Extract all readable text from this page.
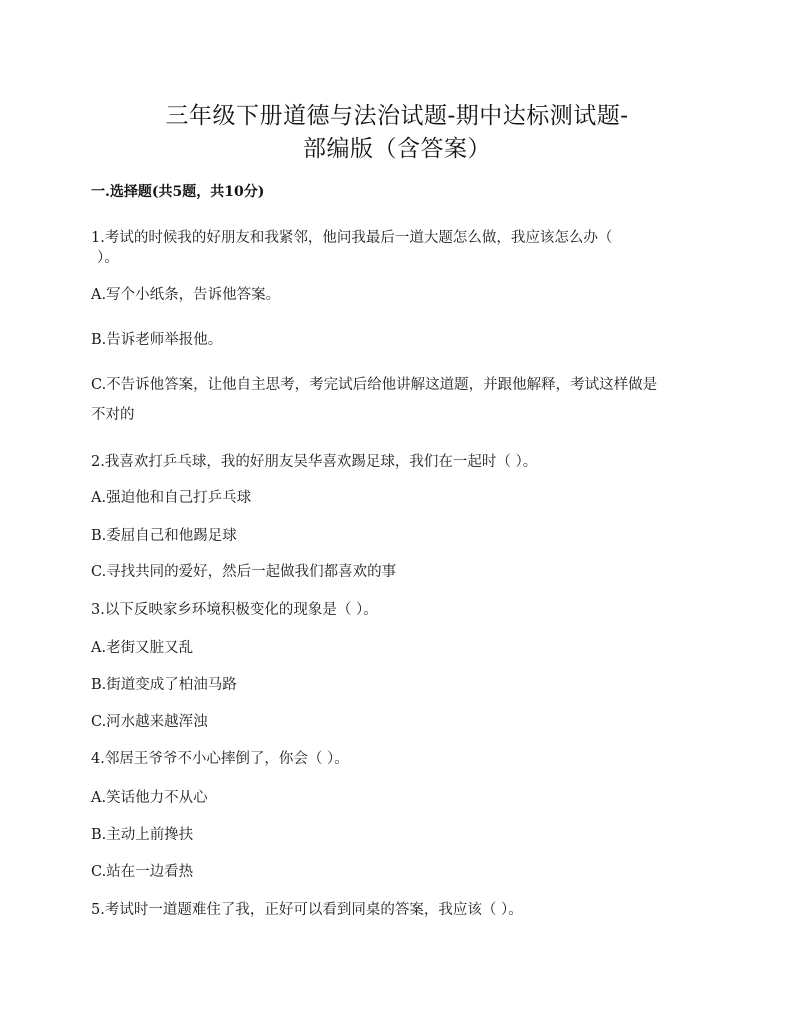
三年级下册道德与法治试题-期中达标测试题-
部编版（含答案）
一.选择题(共5题，共10分)
1.考试的时候我的好朋友和我紧邻，他问我最后一道大题怎么做，我应该怎么办（
）。
A.写个小纸条，告诉他答案。
B.告诉老师举报他。
C.不告诉他答案，让他自主思考，考完试后给他讲解这道题，并跟他解释，考试这样做是
不对的
2.我喜欢打乒乓球，我的好朋友吴华喜欢踢足球，我们在一起时（ ）。
A.强迫他和自己打乒乓球
B.委屈自己和他踢足球
C.寻找共同的爱好，然后一起做我们都喜欢的事
3.以下反映家乡环境积极变化的现象是（ ）。
A.老街又脏又乱
B.街道变成了柏油马路
C.河水越来越浑浊
4.邻居王爷爷不小心摔倒了，你会（ ）。
A.笑话他力不从心
B.主动上前搀扶
C.站在一边看热
5.考试时一道题难住了我，正好可以看到同桌的答案，我应该（ ）。
